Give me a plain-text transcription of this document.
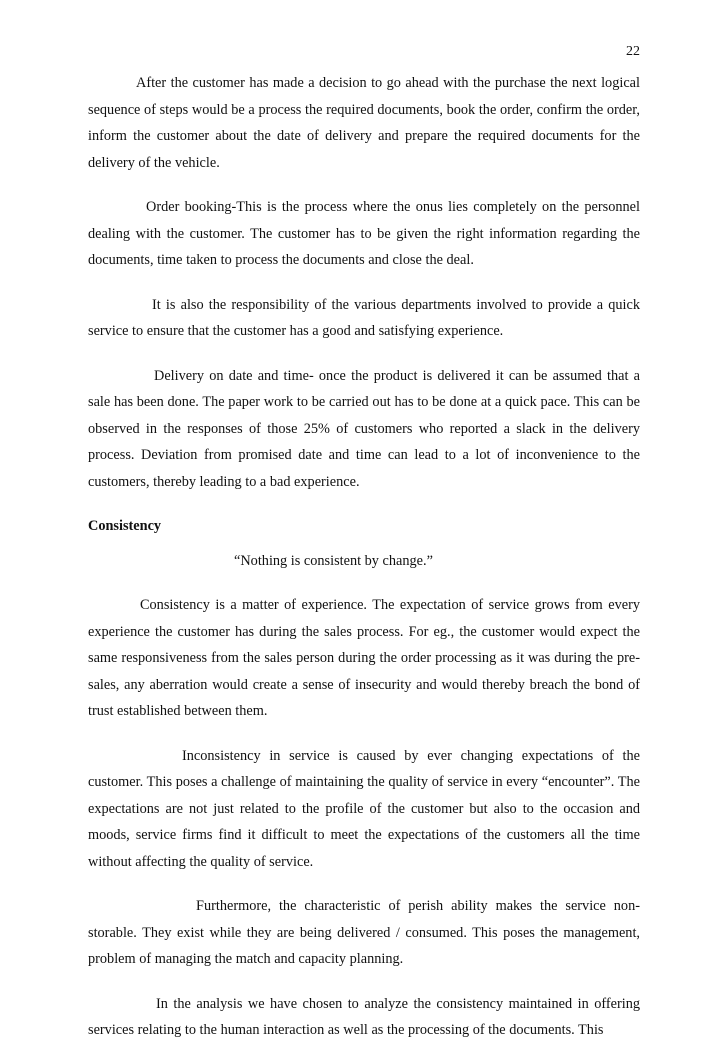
22

After the customer has made a decision to go ahead with the purchase the next logical sequence of steps would be a process the required documents, book the order, confirm the order, inform the customer about the date of delivery and prepare the required documents for the delivery of the vehicle.

Order booking-This is the process where the onus lies completely on the personnel dealing with the customer. The customer has to be given the right information regarding the documents, time taken to process the documents and close the deal.

It is also the responsibility of the various departments involved to provide a quick service to ensure that the customer has a good and satisfying experience.

Delivery on date and time- once the product is delivered it can be assumed that a sale has been done. The paper work to be carried out has to be done at a quick pace. This can be observed in the responses of those 25% of customers who reported a slack in the delivery process. Deviation from promised date and time can lead to a lot of inconvenience to the customers, thereby leading to a bad experience.

Consistency

“Nothing is consistent by change.”

Consistency is a matter of experience. The expectation of service grows from every experience the customer has during the sales process. For eg., the customer would expect the same responsiveness from the sales person during the order processing as it was during the pre-sales, any aberration would create a sense of insecurity and would thereby breach the bond of trust established between them.

Inconsistency in service is caused by ever changing expectations of the customer. This poses a challenge of maintaining the quality of service in every “encounter”. The expectations are not just related to the profile of the customer but also to the occasion and moods, service firms find it difficult to meet the expectations of the customers all the time without affecting the quality of service.

Furthermore, the characteristic of perish ability makes the service non-storable. They exist while they are being delivered / consumed. This poses the management, problem of managing the match and capacity planning.

In the analysis we have chosen to analyze the consistency maintained in offering services relating to the human interaction as well as the processing of the documents. This
